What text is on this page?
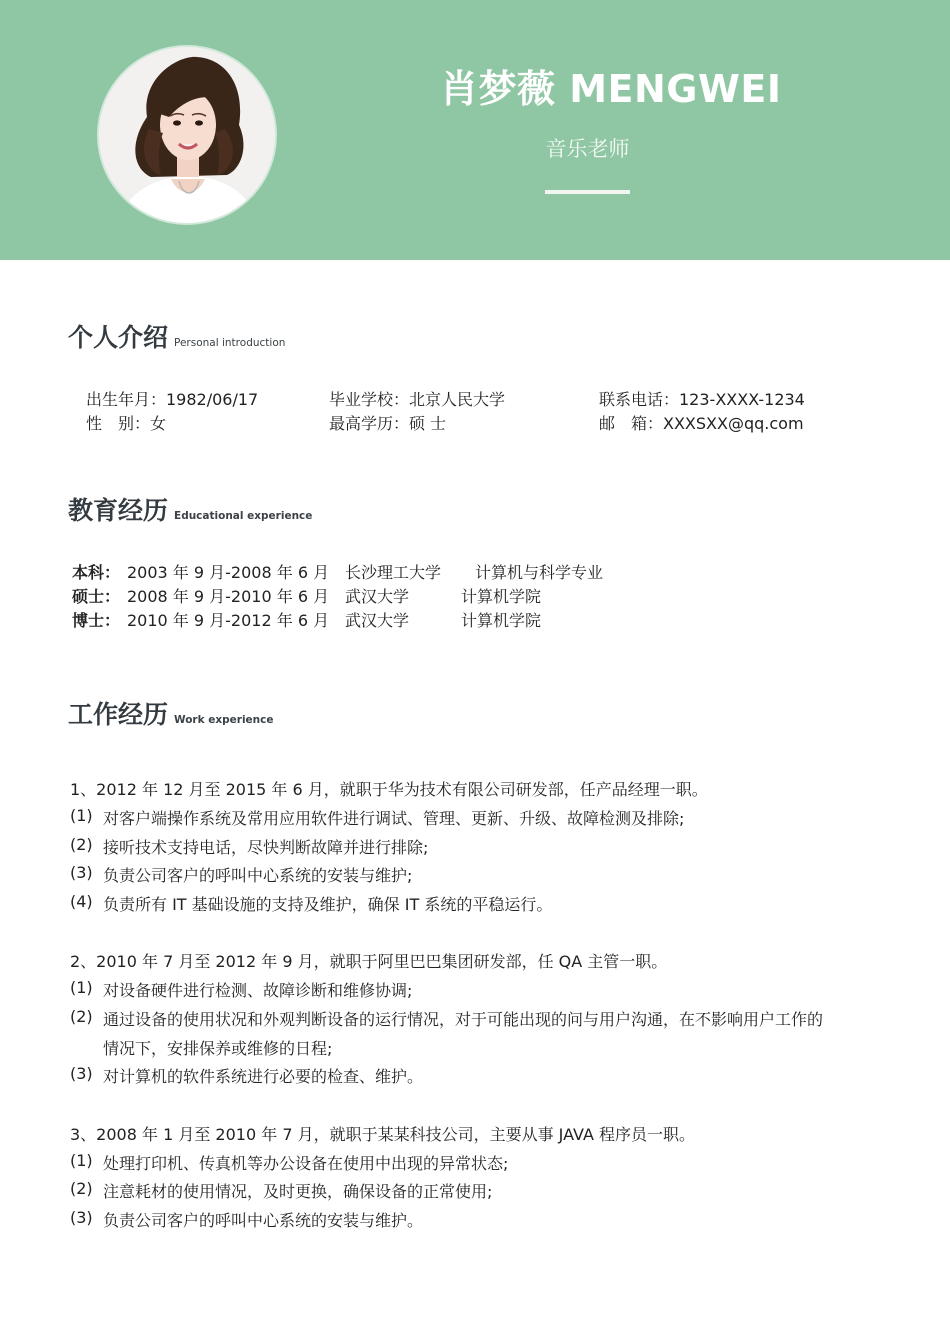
肖梦薇 MENGWEI
音乐老师
个人介绍 Personal introduction
出生年月：1982/06/17
性　别：女
毕业学校：北京人民大学
最高学历：硕 士
联系电话：123-XXXX-1234
邮　箱：XXXSXX@qq.com
教育经历 Educational experience
本科： 2003 年 9 月-2008 年 6 月 长沙理工大学 计算机与科学专业
硕士： 2008 年 9 月-2010 年 6 月 武汉大学	计算机学院
博士： 2010 年 9 月-2012 年 6 月 武汉大学	计算机学院
工作经历 Work experience
1、2012 年 12 月至 2015 年 6 月，就职于华为技术有限公司研发部，任产品经理一职。
(1) 对客户端操作系统及常用应用软件进行调试、管理、更新、升级、故障检测及排除;
(2) 接听技术支持电话，尽快判断故障并进行排除;
(3) 负责公司客户的呼叫中心系统的安装与维护;
(4) 负责所有 IT 基础设施的支持及维护，确保 IT 系统的平稳运行。
2、2010 年 7 月至 2012 年 9 月，就职于阿里巴巴集团研发部，任 QA 主管一职。
(1) 对设备硬件进行检测、故障诊断和维修协调;
(2) 通过设备的使用状况和外观判断设备的运行情况，对于可能出现的问与用户沟通，在不影响用户工作的
情况下，安排保养或维修的日程;
(3) 对计算机的软件系统进行必要的检查、维护。
3、2008 年 1 月至 2010 年 7 月，就职于某某科技公司，主要从事 JAVA 程序员一职。
(1) 处理打印机、传真机等办公设备在使用中出现的异常状态;
(2) 注意耗材的使用情况，及时更换，确保设备的正常使用;
(3) 负责公司客户的呼叫中心系统的安装与维护。
